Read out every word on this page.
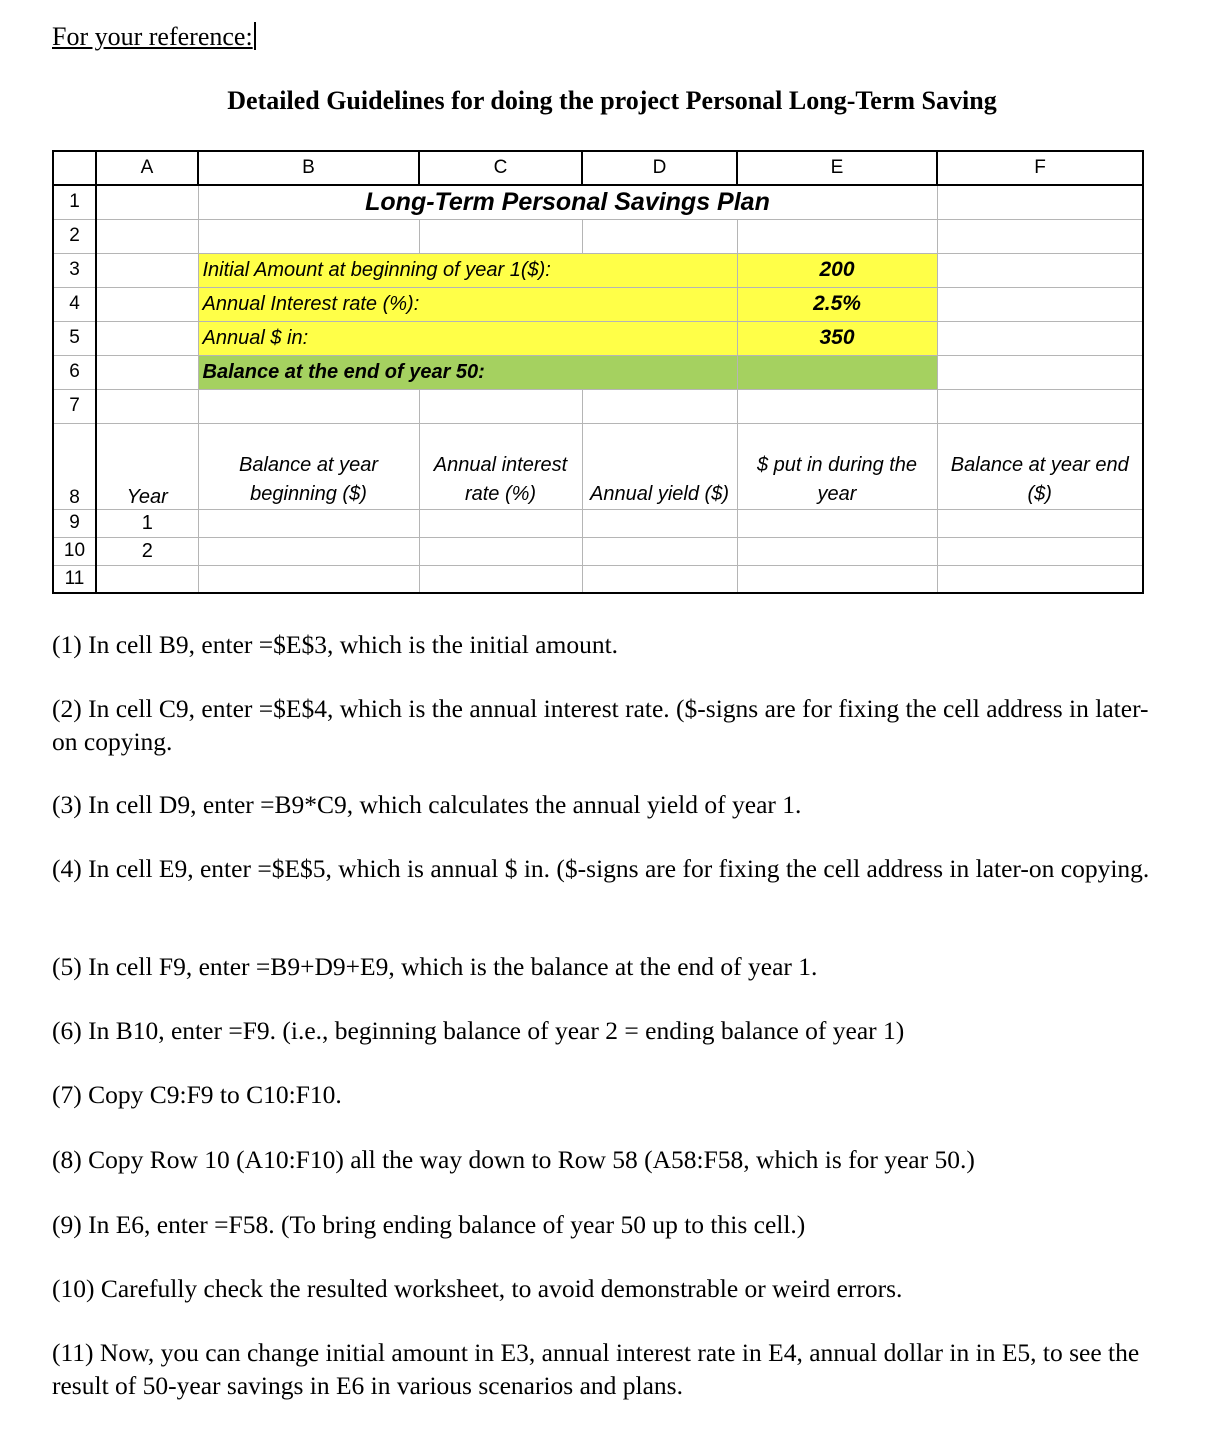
For your reference:
Detailed Guidelines for doing the project Personal Long-Term Saving
	A	B	C	D	E	F
1		Long-Term Personal Savings Plan				
2						
3		Initial Amount at beginning of year 1($):			200	
4		Annual Interest rate (%):			2.5%	
5		Annual $ in:			350	
6		Balance at the end of year 50:				
7						
8	Year	Balance at year beginning ($)	Annual interest rate (%)	Annual yield ($)	$ put in during the year	Balance at year end ($)
9	1					
10	2					
11						

(1) In cell B9, enter =$E$3, which is the initial amount.

(2) In cell C9, enter =$E$4, which is the annual interest rate. ($-signs are for fixing the cell address in later-on copying.

(3) In cell D9, enter =B9*C9, which calculates the annual yield of year 1.

(4) In cell E9, enter =$E$5, which is annual $ in. ($-signs are for fixing the cell address in later-on copying.

(5) In cell F9, enter =B9+D9+E9, which is the balance at the end of year 1.

(6) In B10, enter =F9. (i.e., beginning balance of year 2 = ending balance of year 1)

(7) Copy C9:F9 to C10:F10.

(8) Copy Row 10 (A10:F10) all the way down to Row 58 (A58:F58, which is for year 50.)

(9) In E6, enter =F58. (To bring ending balance of year 50 up to this cell.)

(10) Carefully check the resulted worksheet, to avoid demonstrable or weird errors.

(11) Now, you can change initial amount in E3, annual interest rate in E4, annual dollar in in E5, to see the result of 50-year savings in E6 in various scenarios and plans.
